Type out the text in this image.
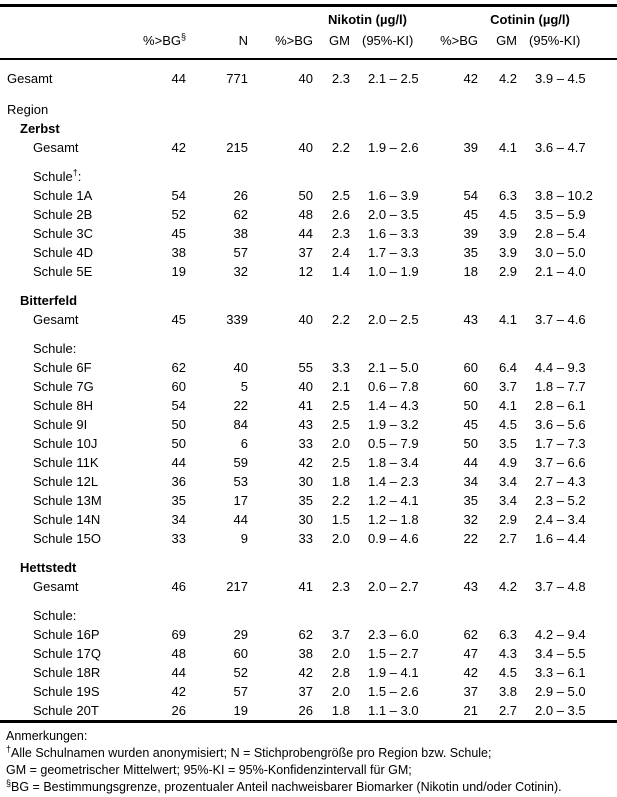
			Nikotin (µg/l)			Cotinin (µg/l)		
	%>BG§	N	%>BG	GM	(95%-KI)	%>BG	GM	(95%-KI)
Gesamt	44	771	40	2.3	2.1 – 2.5	42	4.2	3.9 – 4.5

Region								
Zerbst								
Gesamt	42	215	40	2.2	1.9 – 2.6	39	4.1	3.6 – 4.7

Schule†:								
Schule 1A	54	26	50	2.5	1.6 – 3.9	54	6.3	3.8 – 10.2
Schule 2B	52	62	48	2.6	2.0 – 3.5	45	4.5	3.5 – 5.9
Schule 3C	45	38	44	2.3	1.6 – 3.3	39	3.9	2.8 – 5.4
Schule 4D	38	57	37	2.4	1.7 – 3.3	35	3.9	3.0 – 5.0
Schule 5E	19	32	12	1.4	1.0 – 1.9	18	2.9	2.1 – 4.0

Bitterfeld								
Gesamt	45	339	40	2.2	2.0 – 2.5	43	4.1	3.7 – 4.6

Schule:								
Schule 6F	62	40	55	3.3	2.1 – 5.0	60	6.4	4.4 – 9.3
Schule 7G	60	5	40	2.1	0.6 – 7.8	60	3.7	1.8 – 7.7
Schule 8H	54	22	41	2.5	1.4 – 4.3	50	4.1	2.8 – 6.1
Schule 9I	50	84	43	2.5	1.9 – 3.2	45	4.5	3.6 – 5.6
Schule 10J	50	6	33	2.0	0.5 – 7.9	50	3.5	1.7 – 7.3
Schule 11K	44	59	42	2.5	1.8 – 3.4	44	4.9	3.7 – 6.6
Schule 12L	36	53	30	1.8	1.4 – 2.3	34	3.4	2.7 – 4.3
Schule 13M	35	17	35	2.2	1.2 – 4.1	35	3.4	2.3 – 5.2
Schule 14N	34	44	30	1.5	1.2 – 1.8	32	2.9	2.4 – 3.4
Schule 15O	33	9	33	2.0	0.9 – 4.6	22	2.7	1.6 – 4.4

Hettstedt								
Gesamt	46	217	41	2.3	2.0 – 2.7	43	4.2	3.7 – 4.8

Schule:								
Schule 16P	69	29	62	3.7	2.3 – 6.0	62	6.3	4.2 – 9.4
Schule 17Q	48	60	38	2.0	1.5 – 2.7	47	4.3	3.4 – 5.5
Schule 18R	44	52	42	2.8	1.9 – 4.1	42	4.5	3.3 – 6.1
Schule 19S	42	57	37	2.0	1.5 – 2.6	37	3.8	2.9 – 5.0
Schule 20T	26	19	26	1.8	1.1 – 3.0	21	2.7	2.0 – 3.5
Anmerkungen:
†Alle Schulnamen wurden anonymisiert; N = Stichprobengröße pro Region bzw. Schule;
GM = geometrischer Mittelwert; 95%-KI = 95%-Konfidenzintervall für GM;
§BG = Bestimmungsgrenze, prozentualer Anteil nachweisbarer Biomarker (Nikotin und/oder Cotinin).
